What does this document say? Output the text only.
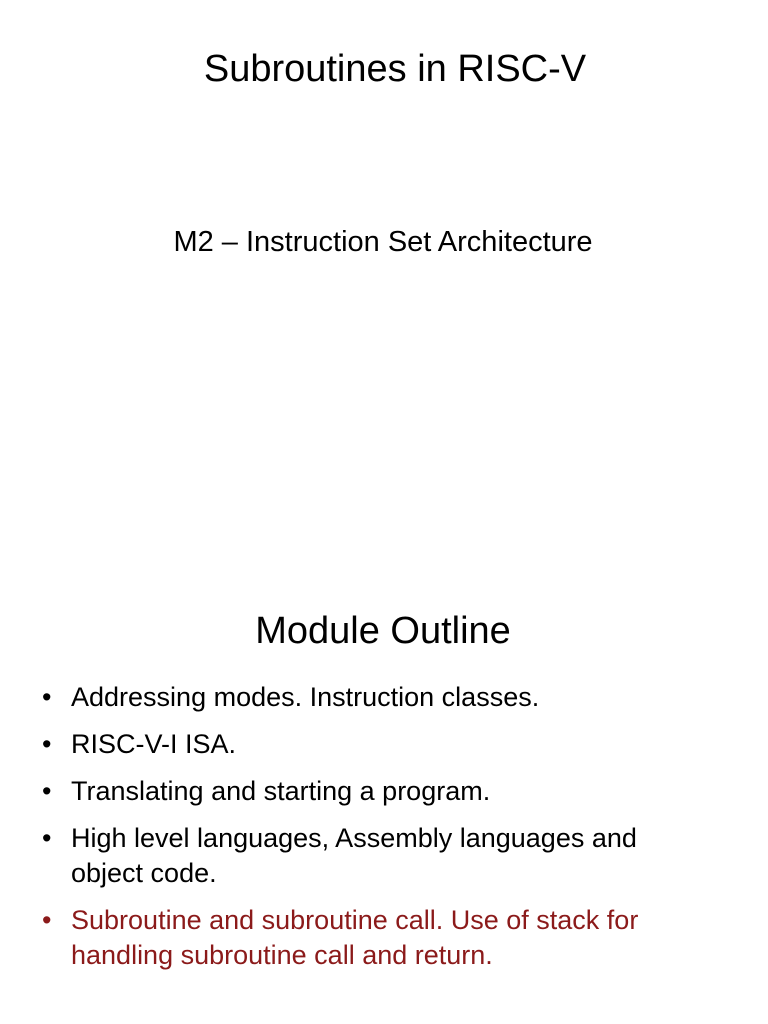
Subroutines in RISC-V
M2 – Instruction Set Architecture
Module Outline
• Addressing modes. Instruction classes.
• RISC-V-I ISA.
• Translating and starting a program.
• High level languages, Assembly languages and object code.
• Subroutine and subroutine call. Use of stack for handling subroutine call and return.
